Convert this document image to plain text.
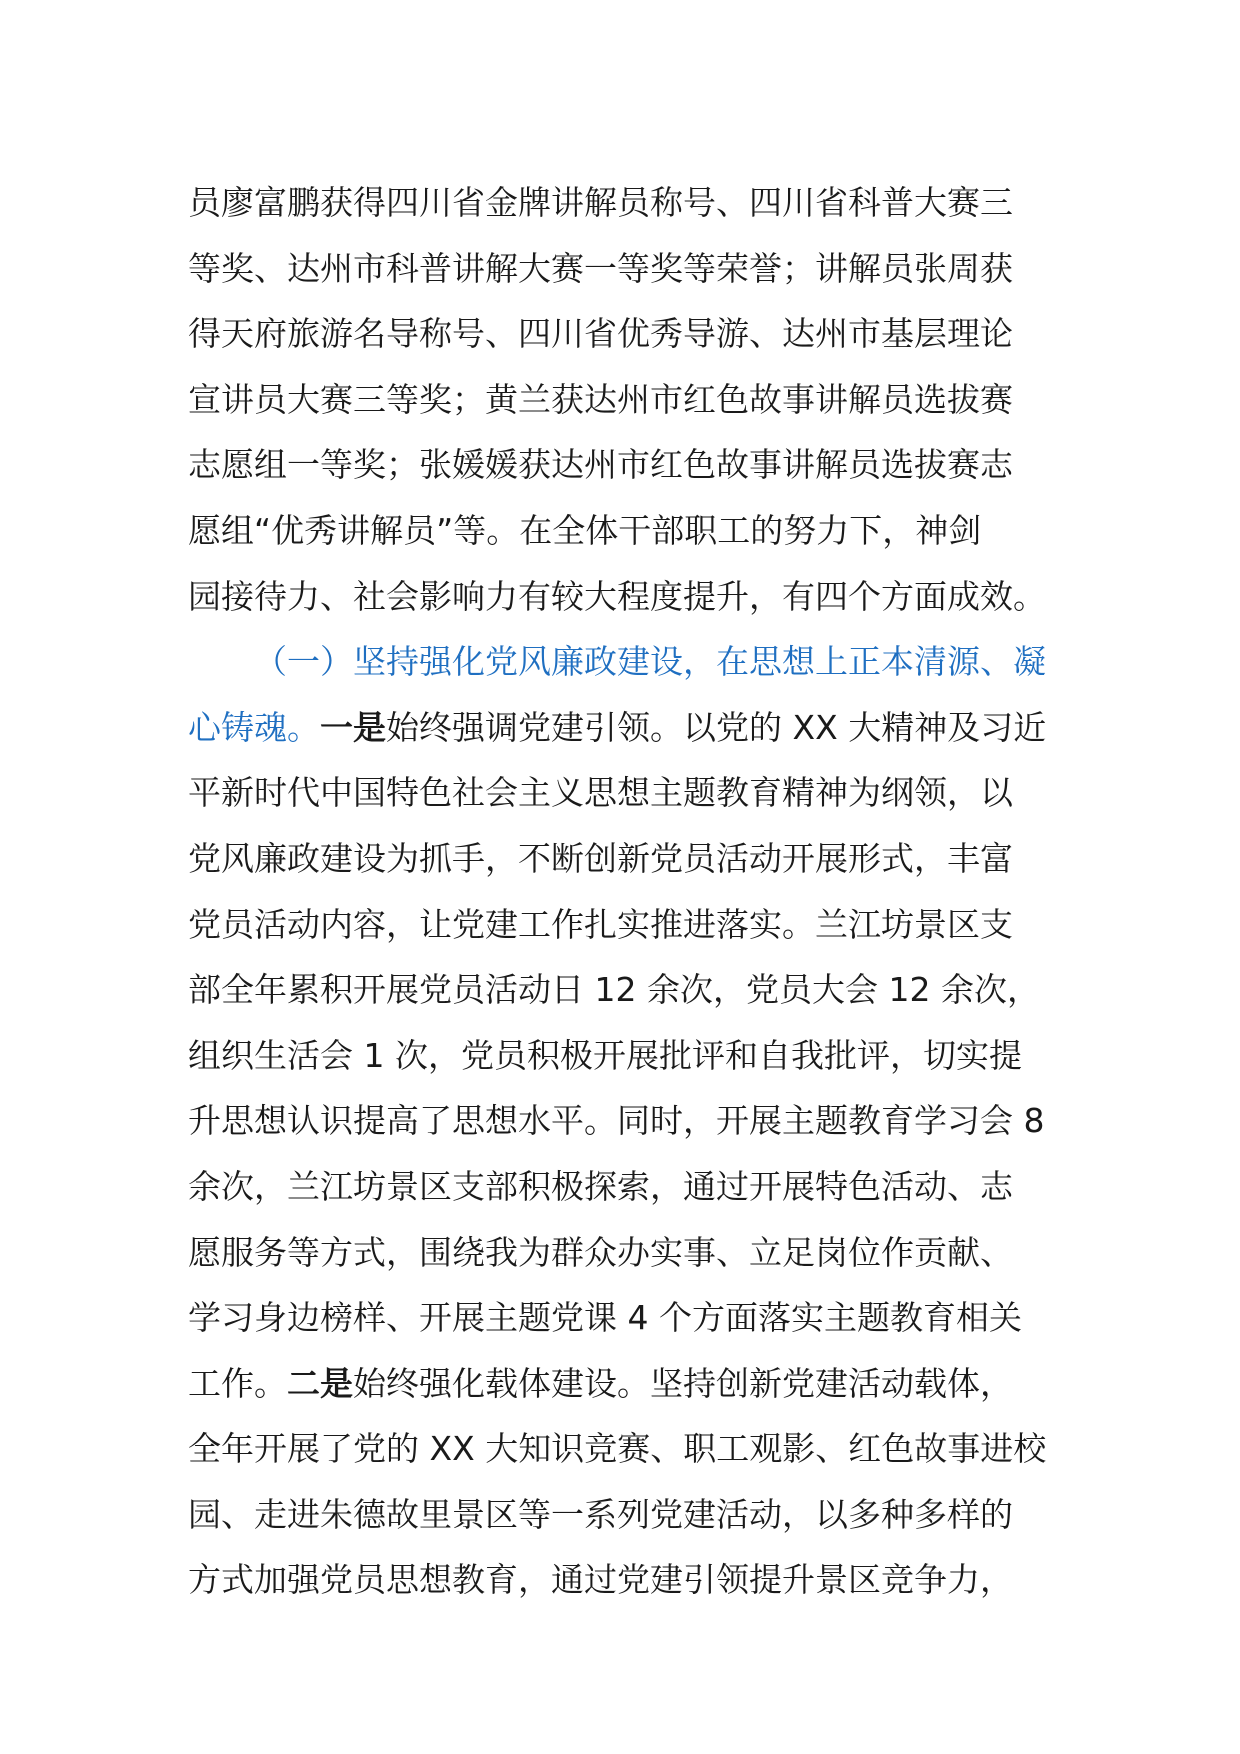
员廖富鹏获得四川省金牌讲解员称号、四川省科普大赛三
等奖、达州市科普讲解大赛一等奖等荣誉；讲解员张周获
得天府旅游名导称号、四川省优秀导游、达州市基层理论
宣讲员大赛三等奖；黄兰获达州市红色故事讲解员选拔赛
志愿组一等奖；张媛媛获达州市红色故事讲解员选拔赛志
愿组“优秀讲解员”等。在全体干部职工的努力下，神剑
园接待力、社会影响力有较大程度提升，有四个方面成效。
（一）坚持强化党风廉政建设，在思想上正本清源、凝
心铸魂。一是始终强调党建引领。以党的 XX 大精神及习近
平新时代中国特色社会主义思想主题教育精神为纲领，以
党风廉政建设为抓手，不断创新党员活动开展形式，丰富
党员活动内容，让党建工作扎实推进落实。兰江坊景区支
部全年累积开展党员活动日 12 余次，党员大会 12 余次，
组织生活会 1 次，党员积极开展批评和自我批评，切实提
升思想认识提高了思想水平。同时，开展主题教育学习会 8
余次，兰江坊景区支部积极探索，通过开展特色活动、志
愿服务等方式，围绕我为群众办实事、立足岗位作贡献、
学习身边榜样、开展主题党课 4 个方面落实主题教育相关
工作。二是始终强化载体建设。坚持创新党建活动载体，
全年开展了党的 XX 大知识竞赛、职工观影、红色故事进校
园、走进朱德故里景区等一系列党建活动，以多种多样的
方式加强党员思想教育，通过党建引领提升景区竞争力，
